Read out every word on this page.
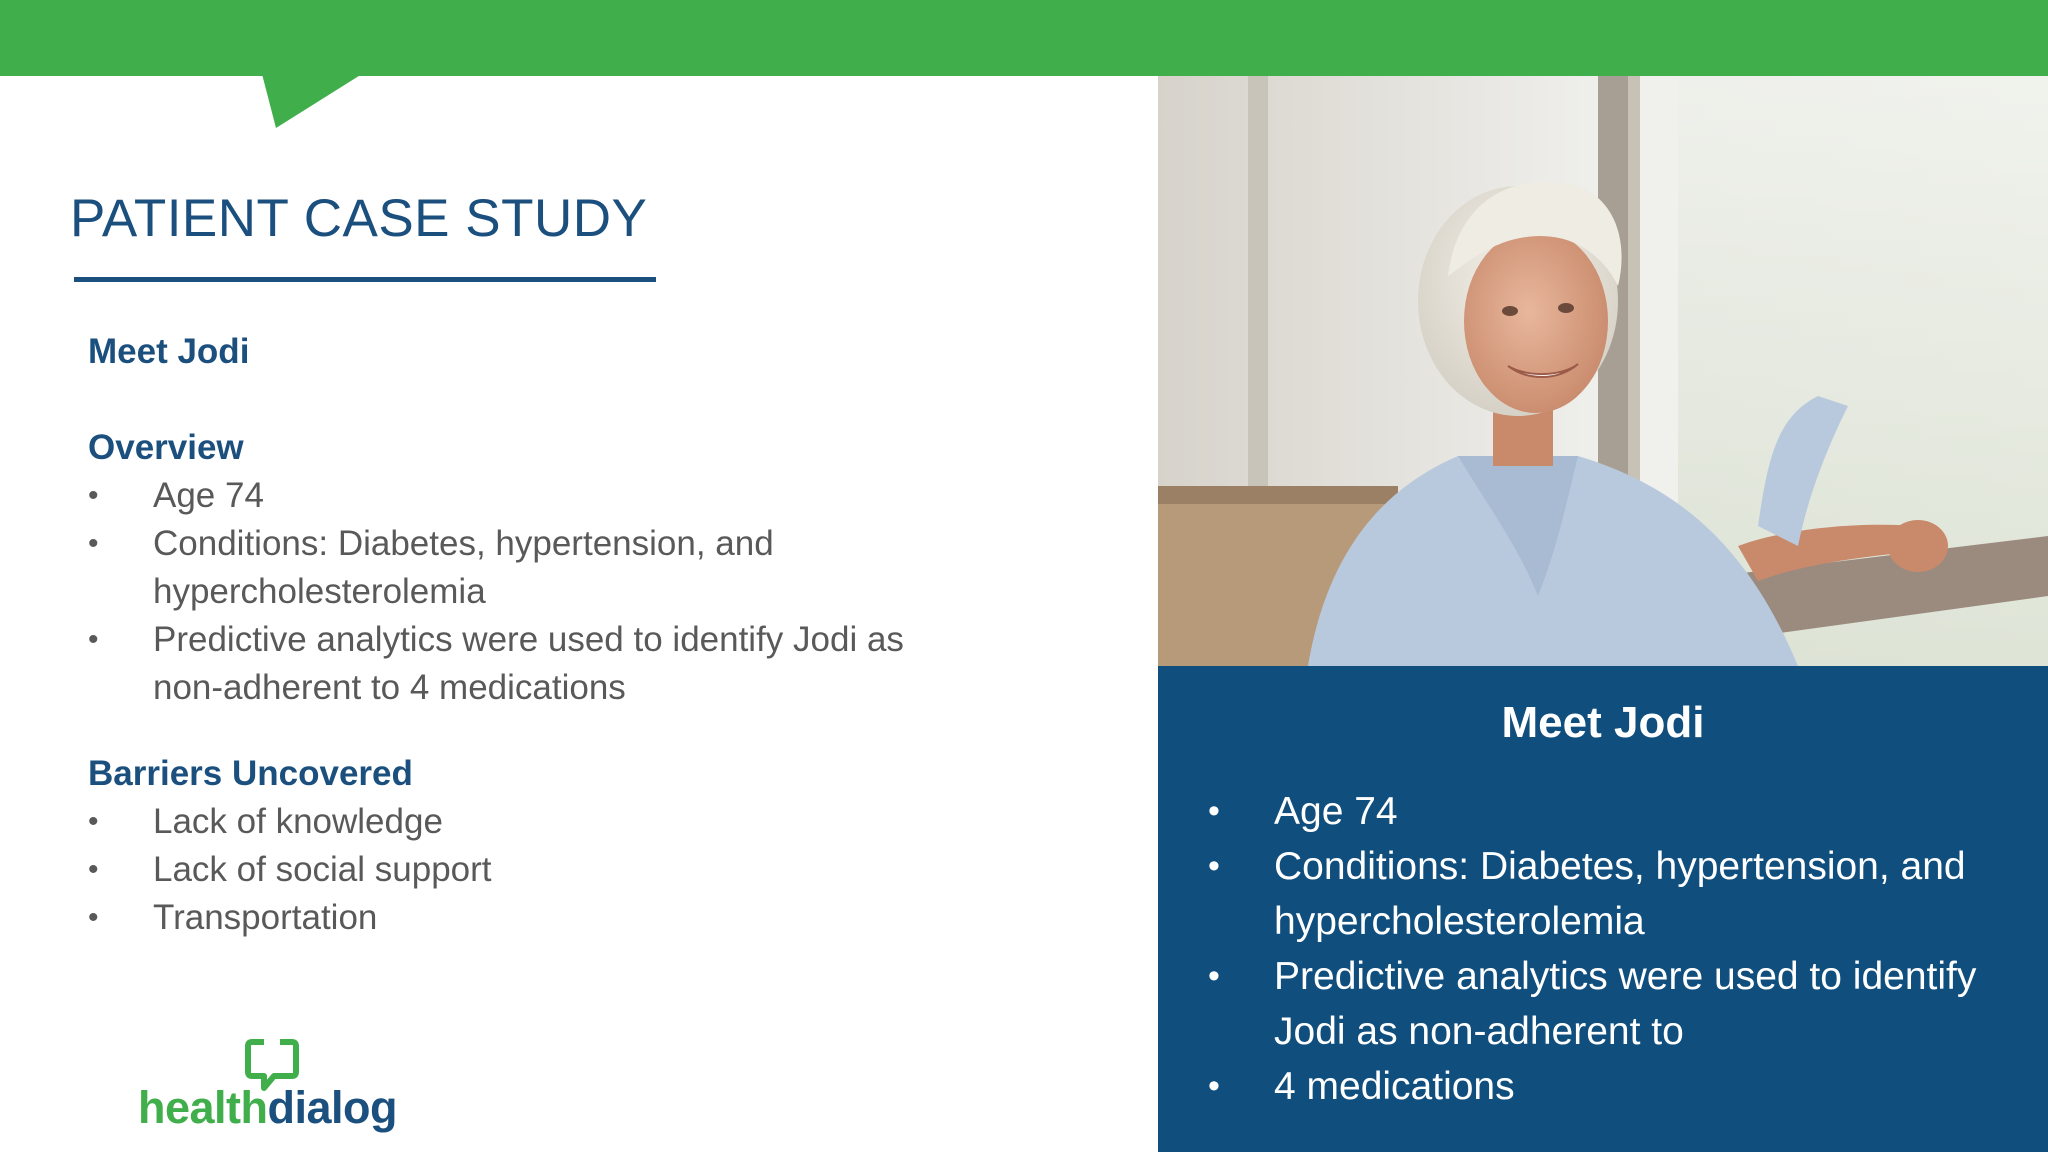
PATIENT CASE STUDY
Meet Jodi
Overview
• Age 74
• Conditions: Diabetes, hypertension, and hypercholesterolemia
• Predictive analytics were used to identify Jodi as non-adherent to 4 medications
Barriers Uncovered
• Lack of knowledge
• Lack of social support
• Transportation
Meet Jodi
• Age 74
• Conditions: Diabetes, hypertension, and hypercholesterolemia
• Predictive analytics were used to identify Jodi as non-adherent to
• 4 medications
healthdialog
